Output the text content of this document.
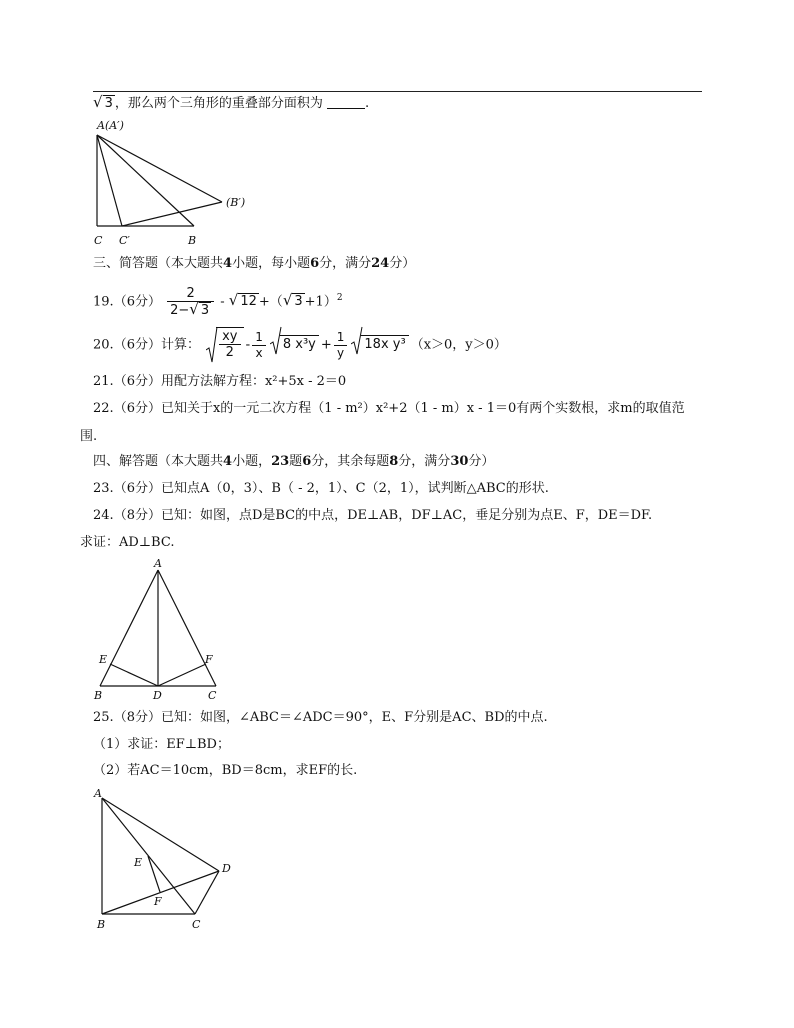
√ 3 ，那么两个三角形的重叠部分面积为	.
A(A′)
(B′)
C C′	B
三、简答题（本大题共4小题，每小题6分，满分24分）
19.（6分） $\frac{2}{2-√ 3}$ - √ 12 +（√ 3 +1）$^2$
20.（6分）计算： $\frac{xy}{2} - \frac{1}{x} 8$ $x^3y + \frac{1}{y} 18x$ y³ （x＞0，y＞0）
21.（6分）用配方法解方程：x²+5x - 2＝0
22.（6分）已知关于x的一元二次方程（1 - m²）x²+2（1 - m）x - 1＝0有两个实数根，求m的取值范
围.
四、解答题（本大题共4小题，23题6分，其余每题8分，满分30分）
23.（6分）已知点A（0，3）、B（ - 2，1）、C（2，1），试判断△ABC的形状.
24.（8分）已知：如图，点D是BC的中点，DE⊥AB，DF⊥AC，垂足分别为点E、F，DE＝DF.
求证：AD⊥BC.
A
E	F
B	D	C
25.（8分）已知：如图，∠ABC＝∠ADC＝90°，E、F分别是AC、BD的中点.
（1）求证：EF⊥BD；
（2）若AC＝10cm，BD＝8cm，求EF的长.
A
E	D
F
B	C
